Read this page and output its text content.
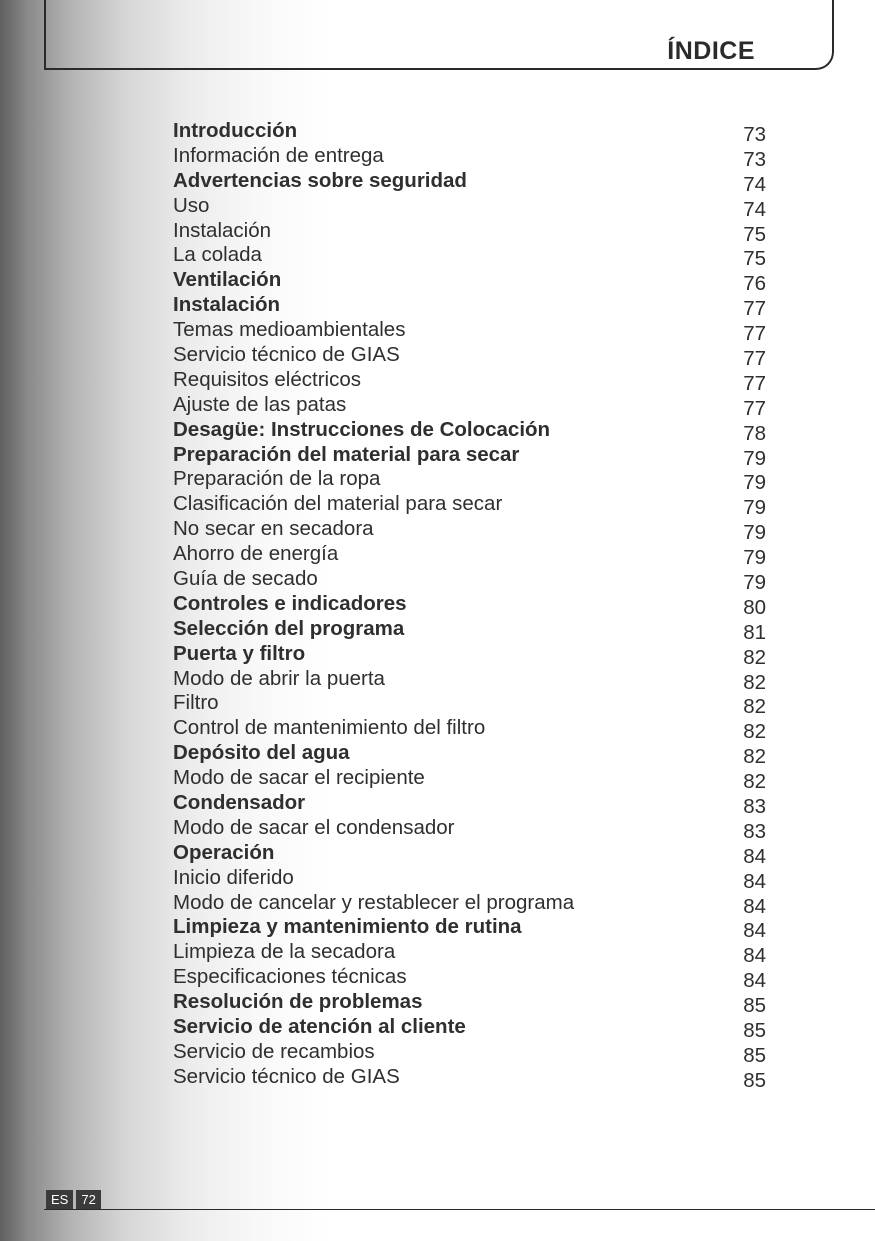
ÍNDICE
Introducción	73
Información de entrega	73
Advertencias sobre seguridad	74
Uso	74
Instalación	75
La colada	75
Ventilación	76
Instalación	77
Temas medioambientales	77
Servicio técnico de GIAS	77
Requisitos eléctricos	77
Ajuste de las patas	77
Desagüe: Instrucciones de Colocación	78
Preparación del material para secar	79
Preparación de la ropa	79
Clasificación del material para secar	79
No secar en secadora	79
Ahorro de energía	79
Guía de secado	79
Controles e indicadores	80
Selección del programa	81
Puerta y filtro	82
Modo de abrir la puerta	82
Filtro	82
Control de mantenimiento del filtro	82
Depósito del agua	82
Modo de sacar el recipiente	82
Condensador	83
Modo de sacar el condensador	83
Operación	84
Inicio diferido	84
Modo de cancelar y restablecer el programa	84
Limpieza y mantenimiento de rutina	84
Limpieza de la secadora	84
Especificaciones técnicas	84
Resolución de problemas	85
Servicio de atención al cliente	85
Servicio de recambios	85
Servicio técnico de GIAS	85
ES	72
